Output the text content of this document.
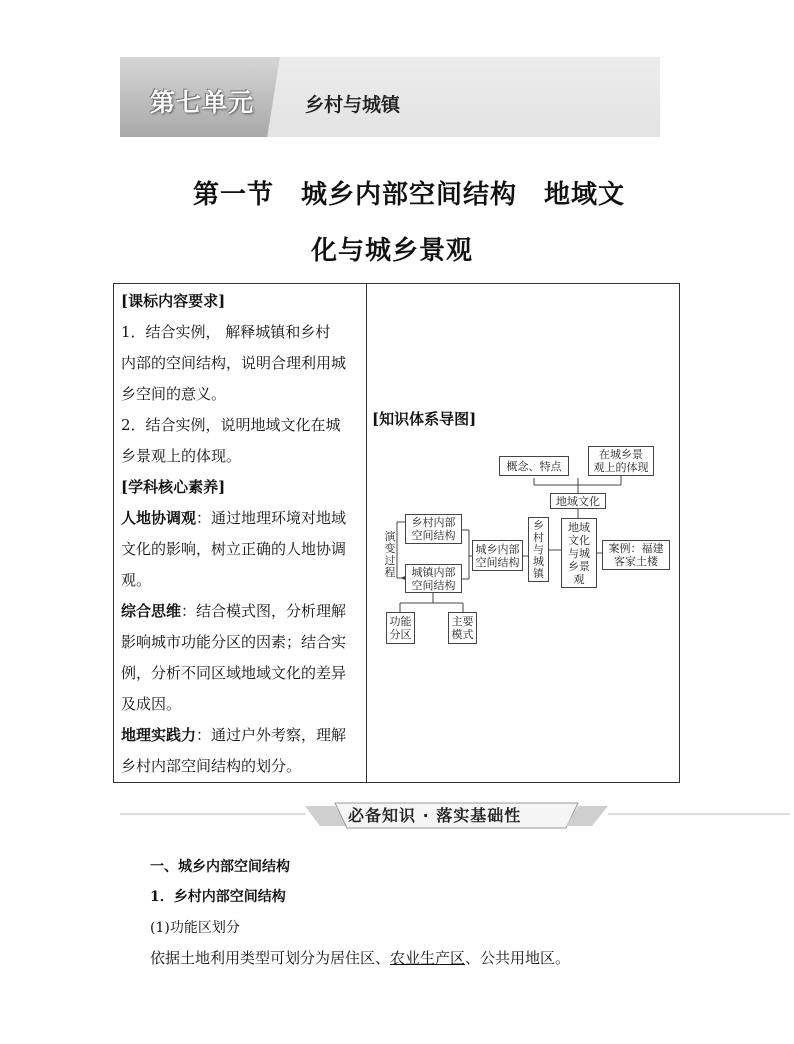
第七单元	乡村与城镇
第一节　城乡内部空间结构　地域文
化与城乡景观

[课标内容要求]

1．结合实例， 解释城镇和乡村

内部的空间结构，说明合理利用城

乡空间的意义。

2．结合实例，说明地域文化在城

乡景观上的体现。

[学科核心素养]

人地协调观：通过地理环境对地域

文化的影响，树立正确的人地协调

观。

综合思维：结合模式图，分析理解

影响城市功能分区的因素；结合实

例，分析不同区域地域文化的差异

及成因。

地理实践力：通过户外考察，理解

乡村内部空间结构的划分。

[知识体系导图]
概念、特点
在城乡景
观上的体现
地域文化
乡村内部
空间结构
演变过程	城镇内部
空间结构
城乡内部
空间结构
乡村与城镇
地域
文化
与城
乡景
观
案例：福建
客家土楼
功能
分区
主要
模式
必备知识 · 落实基础性
一、城乡内部空间结构
1．乡村内部空间结构
(1)功能区划分
依据土地利用类型可划分为居住区、农业生产区、公共用地区。
